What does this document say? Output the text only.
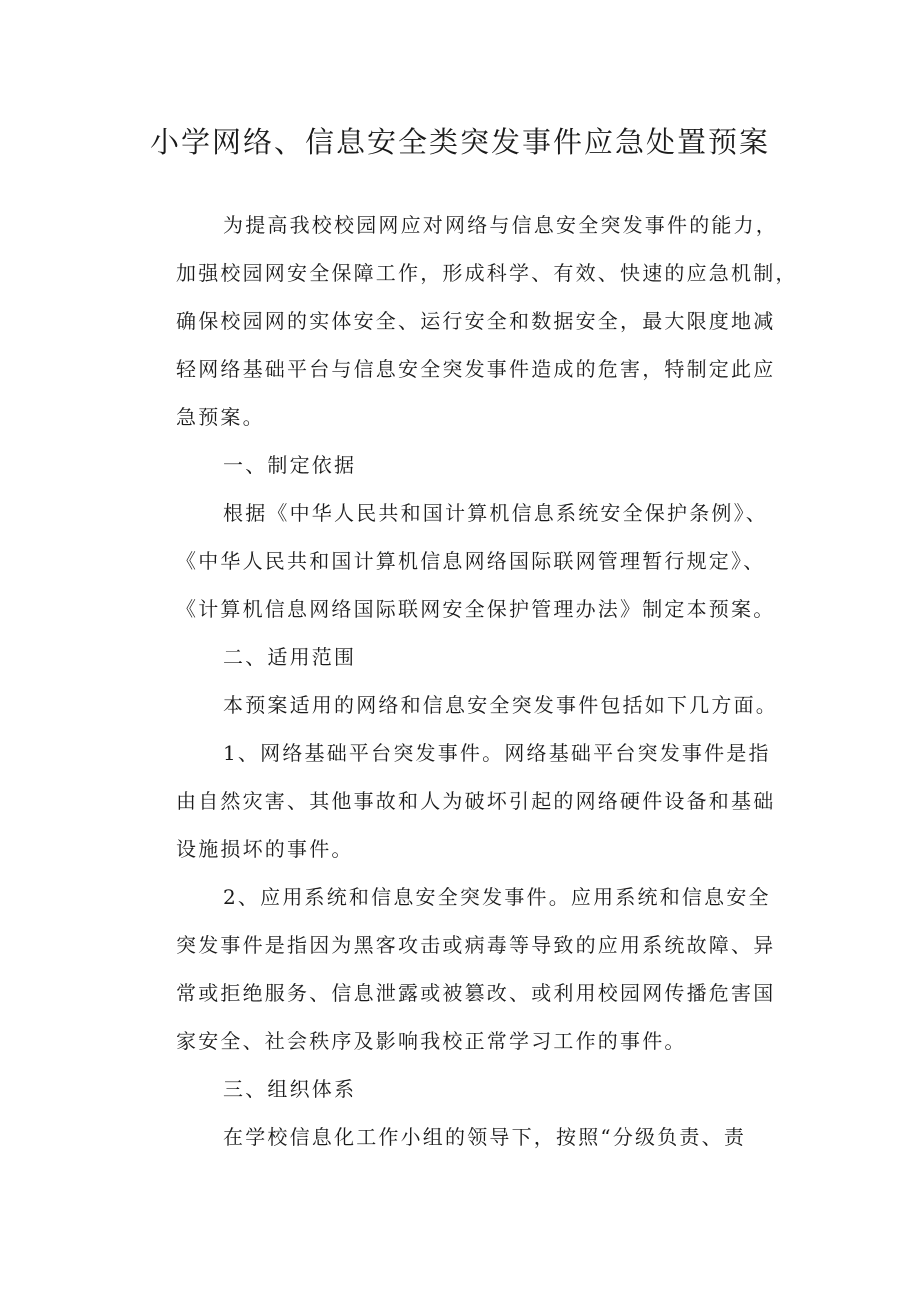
小学网络、信息安全类突发事件应急处置预案

为提高我校校园网应对网络与信息安全突发事件的能力，

加强校园网安全保障工作，形成科学、有效、快速的应急机制，

确保校园网的实体安全、运行安全和数据安全，最大限度地减

轻网络基础平台与信息安全突发事件造成的危害，特制定此应

急预案。

一、制定依据

根据《中华人民共和国计算机信息系统安全保护条例》、

《中华人民共和国计算机信息网络国际联网管理暂行规定》、

《计算机信息网络国际联网安全保护管理办法》制定本预案。

二、适用范围

本预案适用的网络和信息安全突发事件包括如下几方面。

1、网络基础平台突发事件。网络基础平台突发事件是指

由自然灾害、其他事故和人为破坏引起的网络硬件设备和基础

设施损坏的事件。

2、应用系统和信息安全突发事件。应用系统和信息安全

突发事件是指因为黑客攻击或病毒等导致的应用系统故障、异

常或拒绝服务、信息泄露或被篡改、或利用校园网传播危害国

家安全、社会秩序及影响我校正常学习工作的事件。

三、组织体系

在学校信息化工作小组的领导下，按照“分级负责、责
